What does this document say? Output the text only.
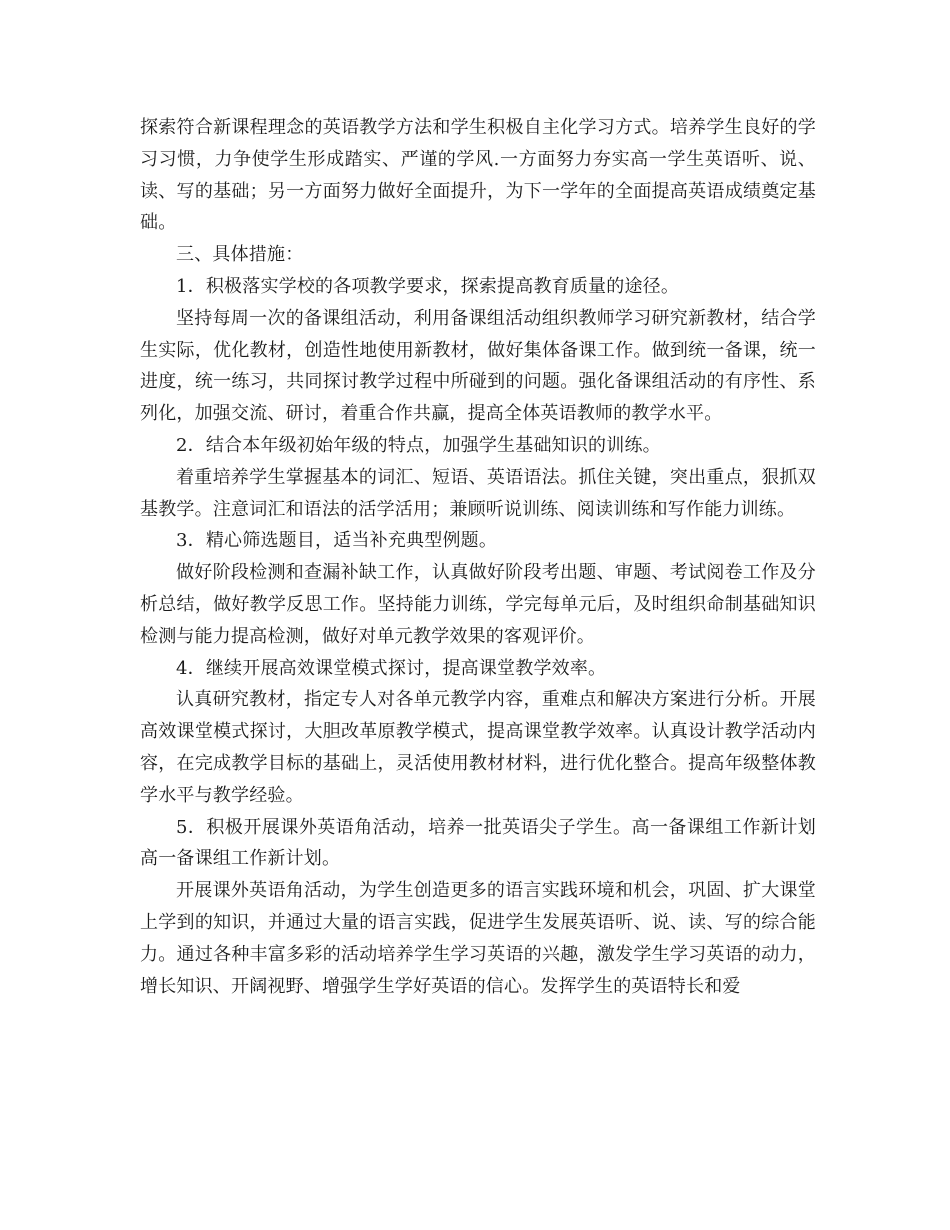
探索符合新课程理念的英语教学方法和学生积极自主化学习方式。培养学生良好的学习习惯，力争使学生形成踏实、严谨的学风.一方面努力夯实高一学生英语听、说、读、写的基础；另一方面努力做好全面提升，为下一学年的全面提高英语成绩奠定基础。

三、具体措施：

1．积极落实学校的各项教学要求，探索提高教育质量的途径。

坚持每周一次的备课组活动，利用备课组活动组织教师学习研究新教材，结合学生实际，优化教材，创造性地使用新教材，做好集体备课工作。做到统一备课，统一进度，统一练习，共同探讨教学过程中所碰到的问题。强化备课组活动的有序性、系列化，加强交流、研讨，着重合作共赢，提高全体英语教师的教学水平。

2．结合本年级初始年级的特点，加强学生基础知识的训练。

着重培养学生掌握基本的词汇、短语、英语语法。抓住关键，突出重点，狠抓双基教学。注意词汇和语法的活学活用；兼顾听说训练、阅读训练和写作能力训练。

3．精心筛选题目，适当补充典型例题。

做好阶段检测和查漏补缺工作，认真做好阶段考出题、审题、考试阅卷工作及分析总结，做好教学反思工作。坚持能力训练，学完每单元后，及时组织命制基础知识检测与能力提高检测，做好对单元教学效果的客观评价。

4．继续开展高效课堂模式探讨，提高课堂教学效率。

认真研究教材，指定专人对各单元教学内容，重难点和解决方案进行分析。开展高效课堂模式探讨，大胆改革原教学模式，提高课堂教学效率。认真设计教学活动内容，在完成教学目标的基础上，灵活使用教材材料，进行优化整合。提高年级整体教学水平与教学经验。

5．积极开展课外英语角活动，培养一批英语尖子学生。高一备课组工作新计划高一备课组工作新计划。

开展课外英语角活动，为学生创造更多的语言实践环境和机会，巩固、扩大课堂上学到的知识，并通过大量的语言实践，促进学生发展英语听、说、读、写的综合能力。通过各种丰富多彩的活动培养学生学习英语的兴趣，激发学生学习英语的动力，增长知识、开阔视野、增强学生学好英语的信心。发挥学生的英语特长和爱
